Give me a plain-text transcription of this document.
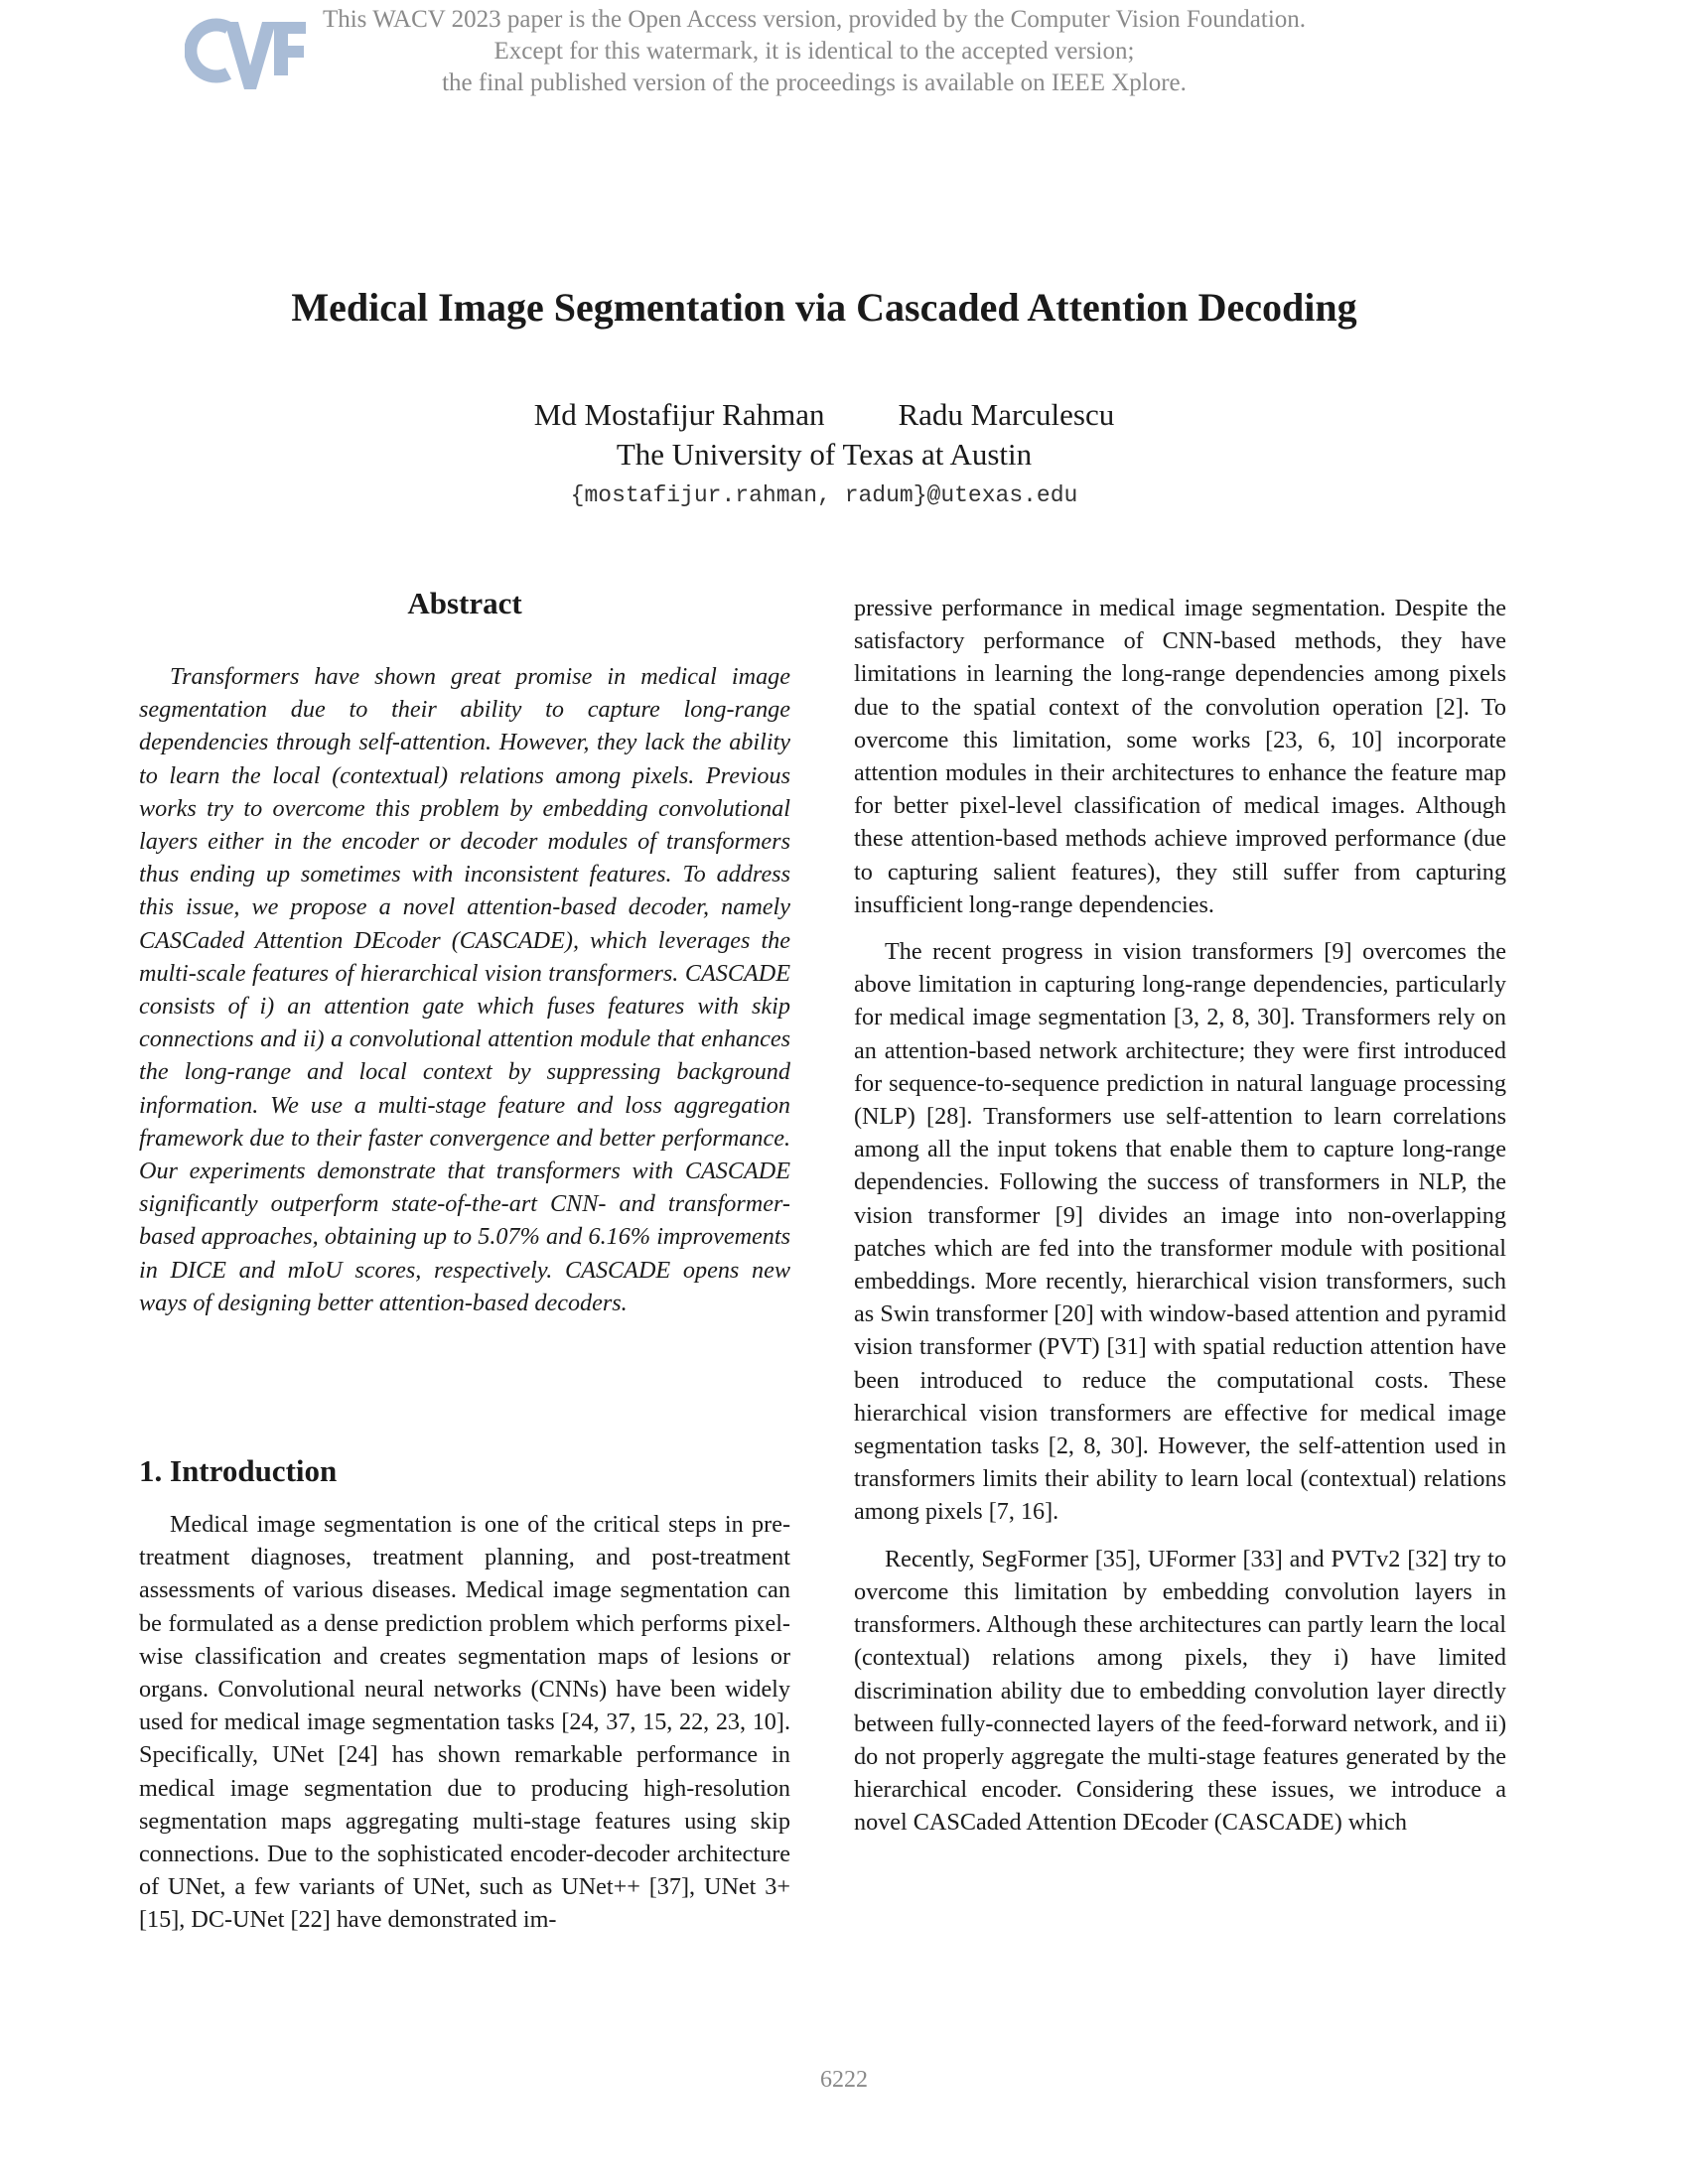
This WACV 2023 paper is the Open Access version, provided by the Computer Vision Foundation.
Except for this watermark, it is identical to the accepted version;
the final published version of the proceedings is available on IEEE Xplore.
Medical Image Segmentation via Cascaded Attention Decoding
Md Mostafijur Rahman Radu Marculescu
The University of Texas at Austin
{mostafijur.rahman, radum}@utexas.edu
Abstract

Transformers have shown great promise in medical image segmentation due to their ability to capture long-range dependencies through self-attention. However, they lack the ability to learn the local (contextual) relations among pixels. Previous works try to overcome this problem by embedding convolutional layers either in the encoder or decoder modules of transformers thus ending up sometimes with inconsistent features. To address this issue, we propose a novel attention-based decoder, namely CASCaded Attention DEcoder (CASCADE), which leverages the multi-scale features of hierarchical vision transformers. CASCADE consists of i) an attention gate which fuses features with skip connections and ii) a convolutional attention module that enhances the long-range and local context by suppressing background information. We use a multi-stage feature and loss aggregation framework due to their faster convergence and better performance. Our experiments demonstrate that transformers with CASCADE significantly outperform state-of-the-art CNN- and transformer-based approaches, obtaining up to 5.07% and 6.16% improvements in DICE and mIoU scores, respectively. CASCADE opens new ways of designing better attention-based decoders.

1. Introduction

Medical image segmentation is one of the critical steps in pre-treatment diagnoses, treatment planning, and post-treatment assessments of various diseases. Medical image segmentation can be formulated as a dense prediction problem which performs pixel-wise classification and creates segmentation maps of lesions or organs. Convolutional neural networks (CNNs) have been widely used for medical image segmentation tasks [24, 37, 15, 22, 23, 10]. Specifically, UNet [24] has shown remarkable performance in medical image segmentation due to producing high-resolution segmentation maps aggregating multi-stage features using skip connections. Due to the sophisticated encoder-decoder architecture of UNet, a few variants of UNet, such as UNet++ [37], UNet 3+ [15], DC-UNet [22] have demonstrated im-

pressive performance in medical image segmentation. Despite the satisfactory performance of CNN-based methods, they have limitations in learning the long-range dependencies among pixels due to the spatial context of the convolution operation [2]. To overcome this limitation, some works [23, 6, 10] incorporate attention modules in their architectures to enhance the feature map for better pixel-level classification of medical images. Although these attention-based methods achieve improved performance (due to capturing salient features), they still suffer from capturing insufficient long-range dependencies.

The recent progress in vision transformers [9] overcomes the above limitation in capturing long-range dependencies, particularly for medical image segmentation [3, 2, 8, 30]. Transformers rely on an attention-based network architecture; they were first introduced for sequence-to-sequence prediction in natural language processing (NLP) [28]. Transformers use self-attention to learn correlations among all the input tokens that enable them to capture long-range dependencies. Following the success of transformers in NLP, the vision transformer [9] divides an image into non-overlapping patches which are fed into the transformer module with positional embeddings. More recently, hierarchical vision transformers, such as Swin transformer [20] with window-based attention and pyramid vision transformer (PVT) [31] with spatial reduction attention have been introduced to reduce the computational costs. These hierarchical vision transformers are effective for medical image segmentation tasks [2, 8, 30]. However, the self-attention used in transformers limits their ability to learn local (contextual) relations among pixels [7, 16].

Recently, SegFormer [35], UFormer [33] and PVTv2 [32] try to overcome this limitation by embedding convolution layers in transformers. Although these architectures can partly learn the local (contextual) relations among pixels, they i) have limited discrimination ability due to embedding convolution layer directly between fully-connected layers of the feed-forward network, and ii) do not properly aggregate the multi-stage features generated by the hierarchical encoder. Considering these issues, we introduce a novel CASCaded Attention DEcoder (CASCADE) which

6222
